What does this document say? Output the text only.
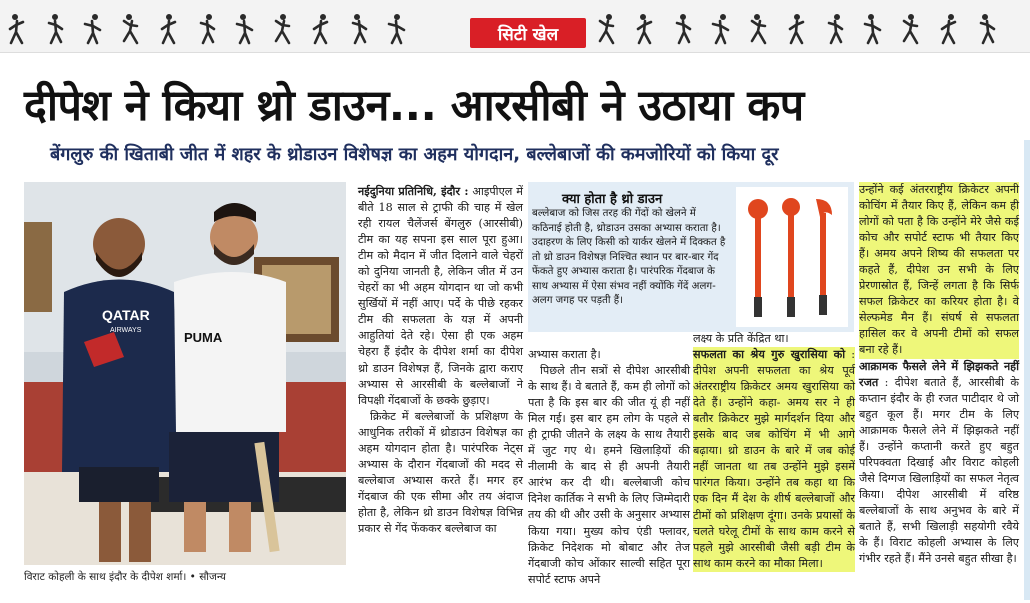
सिटी खेल
दीपेश ने किया थ्रो डाउन... आरसीबी ने उठाया कप
बेंगलुरु की खिताबी जीत में शहर के थ्रोडाउन विशेषज्ञ का अहम योगदान, बल्लेबाजों की कमजोरियों को किया दूर
QATAR
AIRWAYS	PUMA
विराट कोहली के साथ इंदौर के दीपेश शर्मा। • सौजन्य
क्या होता है थ्रो डाउन
बल्लेबाज को जिस तरह की गेंदों को खेलने में कठिनाई होती है, थ्रोडाउन उसका अभ्यास कराता है। उदाहरण के लिए किसी को यार्कर खेलने में दिक्कत है तो थ्रो डाउन विशेषज्ञ निश्चित स्थान पर बार-बार गेंद फेंकते हुए अभ्यास कराता है। पारंपरिक गेंदबाज के साथ अभ्यास में ऐसा संभव नहीं क्योंकि गेंदें अलग-अलग जगह पर पड़ती हैं।

नईदुनिया प्रतिनिधि, इंदौर : आइपीएल में बीते 18 साल से ट्राफी की चाह में खेल रही रायल चैलेंजर्स बेंगलुरु (आरसीबी) टीम का यह सपना इस साल पूरा हुआ। टीम को मैदान में जीत दिलाने वाले चेहरों को दुनिया जानती है, लेकिन जीत में उन चेहरों का भी अहम योगदान था जो कभी सुर्खियों में नहीं आए। पर्दे के पीछे रहकर टीम की सफलता के यज्ञ में अपनी आहुतियां देते रहे। ऐसा ही एक अहम चेहरा हैं इंदौर के दीपेश शर्मा का दीपेश थ्रो डाउन विशेषज्ञ हैं, जिनके द्वारा कराए अभ्यास से आरसीबी के बल्लेबाजों ने विपक्षी गेंदबाजों के छक्के छुड़ाए।

क्रिकेट में बल्लेबाजों के प्रशिक्षण के आधुनिक तरीकों में थ्रोडाउन विशेषज्ञ का अहम योगदान होता है। पारंपरिक नेट्स अभ्यास के दौरान गेंदबाजों की मदद से बल्लेबाज अभ्यास करते हैं। मगर हर गेंदबाज की एक सीमा और तय अंदाज होता है, लेकिन थ्रो डाउन विशेषज्ञ विभिन्न प्रकार से गेंद फेंककर बल्लेबाज का

अभ्यास कराता है।

पिछले तीन सत्रों से दीपेश आरसीबी के साथ हैं। वे बताते हैं, कम ही लोगों को पता है कि इस बार की जीत यूं ही नहीं मिल गई। इस बार हम लोग के पहले से ही ट्राफी जीतने के लक्ष्य के साथ तैयारी में जुट गए थे। हमने खिलाड़ियों की नीलामी के बाद से ही अपनी तैयारी आरंभ कर दी थी। बल्लेबाजी कोच दिनेश कार्तिक ने सभी के लिए जिम्मेदारी तय की थी और उसी के अनुसार अभ्यास किया गया। मुख्य कोच एंडी फ्लावर, क्रिकेट निदेशक मो बोबाट और तेज गेंदबाजी कोच ओंकार साल्वी सहित पूरा सपोर्ट स्टाफ अपने

लक्ष्य के प्रति केंद्रित था।

सफलता का श्रेय गुरु खुरासिया को : दीपेश अपनी सफलता का श्रेय पूर्व अंतरराष्ट्रीय क्रिकेटर अमय खुरासिया को देते हैं। उन्होंने कहा- अमय सर ने ही बतौर क्रिकेटर मुझे मार्गदर्शन दिया और इसके बाद जब कोचिंग में भी आगे बढ़ाया। थ्रो डाउन के बारे में जब कोई नहीं जानता था तब उन्होंने मुझे इसमें पारंगत किया। उन्होंने तब कहा था कि एक दिन मैं देश के शीर्ष बल्लेबाजों और टीमों को प्रशिक्षण दूंगा। उनके प्रयासों के चलते घरेलू टीमों के साथ काम करने से पहले मुझे आरसीबी जैसी बड़ी टीम के साथ काम करने का मौका मिला।

उन्होंने कई अंतरराष्ट्रीय क्रिकेटर अपनी कोचिंग में तैयार किए हैं, लेकिन कम ही लोगों को पता है कि उन्होंने मेरे जैसे कई कोच और सपोर्ट स्टाफ भी तैयार किए हैं। अमय अपने शिष्य की सफलता पर कहते हैं, दीपेश उन सभी के लिए प्रेरणास्रोत हैं, जिन्हें लगता है कि सिर्फ सफल क्रिकेटर का करियर होता है। वे सेल्फमेड मैन हैं। संघर्ष से सफलता हासिल कर वे अपनी टीमों को सफल बना रहे हैं।

आक्रामक फैसले लेने में झिझकते नहीं रजत : दीपेश बताते हैं, आरसीबी के कप्तान इंदौर के ही रजत पाटीदार थे जो बहुत कूल हैं। मगर टीम के लिए आक्रामक फैसले लेने में झिझकते नहीं हैं। उन्होंने कप्तानी करते हुए बहुत परिपक्वता दिखाई और विराट कोहली जैसे दिग्गज खिलाड़ियों का सफल नेतृत्व किया। दीपेश आरसीबी में वरिष्ठ बल्लेबाजों के साथ अनुभव के बारे में बताते हैं, सभी खिलाड़ी सहयोगी रवैये के हैं। विराट कोहली अभ्यास के लिए गंभीर रहते हैं। मैंने उनसे बहुत सीखा है।
